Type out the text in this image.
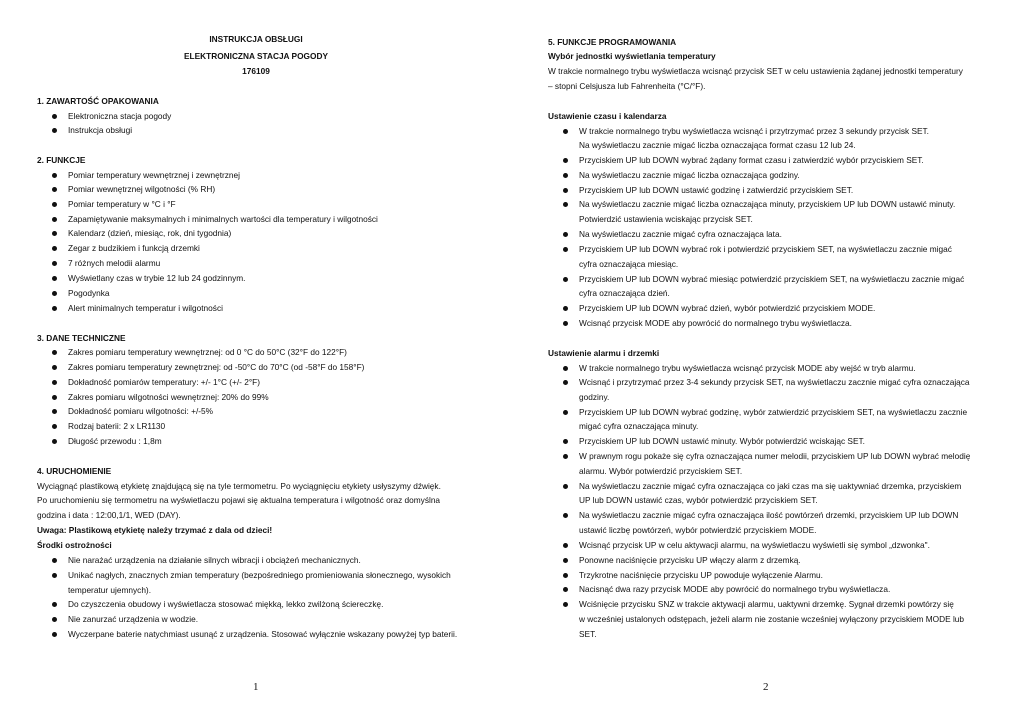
INSTRUKCJA OBSŁUGI
ELEKTRONICZNA STACJA POGODY
176109
1. ZAWARTOŚĆ OPAKOWANIA
Elektroniczna stacja pogody
Instrukcja obsługi
2. FUNKCJE
Pomiar temperatury wewnętrznej i zewnętrznej
Pomiar wewnętrznej wilgotności (% RH)
Pomiar temperatury w °C i °F
Zapamiętywanie maksymalnych i minimalnych wartości dla temperatury i wilgotności
Kalendarz (dzień, miesiąc, rok, dni tygodnia)
Zegar z budzikiem i funkcją drzemki
7 różnych melodii alarmu
Wyświetlany czas w trybie 12 lub 24 godzinnym.
Pogodynka
Alert minimalnych temperatur i wilgotności
3. DANE TECHNICZNE
Zakres pomiaru temperatury wewnętrznej: od 0 °C do 50°C (32°F do 122°F)
Zakres pomiaru temperatury zewnętrznej: od -50°C do 70°C (od -58°F do 158°F)
Dokładność pomiarów temperatury: +/- 1°C (+/- 2°F)
Zakres pomiaru wilgotności wewnętrznej: 20% do 99%
Dokładność pomiaru wilgotności: +/-5%
Rodzaj baterii: 2 x LR1130
Długość przewodu : 1,8m
4. URUCHOMIENIE
Wyciągnąć plastikową etykietę znajdującą się na tyle termometru. Po wyciągnięciu etykiety usłyszymy dźwięk.
Po uruchomieniu się termometru na wyświetlaczu pojawi się aktualna temperatura i wilgotność oraz domyślna
godzina i data : 12:00,1/1, WED (DAY).
Uwaga: Plastikową etykietę należy trzymać z dala od dzieci!
Środki ostrożności
Nie narażać urządzenia na działanie silnych wibracji i obciążeń mechanicznych.
Unikać nagłych, znacznych zmian temperatury (bezpośredniego promieniowania słonecznego, wysokich
temperatur ujemnych).
Do czyszczenia obudowy i wyświetlacza stosować miękką, lekko zwilżoną ściereczkę.
Nie zanurzać urządzenia w wodzie.
Wyczerpane baterie natychmiast usunąć z urządzenia. Stosować wyłącznie wskazany powyżej typ baterii.
1
5. FUNKCJE PROGRAMOWANIA
Wybór jednostki wyświetlania temperatury
W trakcie normalnego trybu wyświetlacza wcisnąć przycisk SET w celu ustawienia żądanej jednostki temperatury
– stopni Celsjusza lub Fahrenheita (°C/°F).
Ustawienie czasu i kalendarza
W trakcie normalnego trybu wyświetlacza wcisnąć i przytrzymać przez 3 sekundy przycisk SET.
Na wyświetlaczu zacznie migać liczba oznaczająca format czasu 12 lub 24.
Przyciskiem UP lub DOWN wybrać żądany format czasu i zatwierdzić wybór przyciskiem SET.
Na wyświetlaczu zacznie migać liczba oznaczająca godziny.
Przyciskiem UP lub DOWN ustawić godzinę i zatwierdzić przyciskiem SET.
Na wyświetlaczu zacznie migać liczba oznaczająca minuty, przyciskiem UP lub DOWN ustawić minuty.
Potwierdzić ustawienia wciskając przycisk SET.
Na wyświetlaczu zacznie migać cyfra oznaczająca lata.
Przyciskiem UP lub DOWN wybrać rok i potwierdzić przyciskiem SET, na wyświetlaczu zacznie migać
cyfra oznaczająca miesiąc.
Przyciskiem UP lub DOWN wybrać miesiąc potwierdzić przyciskiem SET, na wyświetlaczu zacznie migać
cyfra oznaczająca dzień.
Przyciskiem UP lub DOWN wybrać dzień, wybór potwierdzić przyciskiem MODE.
Wcisnąć przycisk MODE aby powrócić do normalnego trybu wyświetlacza.
Ustawienie alarmu i drzemki
W trakcie normalnego trybu wyświetlacza wcisnąć przycisk MODE aby wejść w tryb alarmu.
Wcisnąć i przytrzymać przez 3-4 sekundy przycisk SET, na wyświetlaczu zacznie migać cyfra oznaczająca
godziny.
Przyciskiem UP lub DOWN wybrać godzinę, wybór zatwierdzić przyciskiem SET, na wyświetlaczu zacznie
migać cyfra oznaczająca minuty.
Przyciskiem UP lub DOWN ustawić minuty. Wybór potwierdzić wciskając SET.
W prawnym rogu pokaże się cyfra oznaczająca numer melodii, przyciskiem UP lub DOWN wybrać melodię
alarmu. Wybór potwierdzić przyciskiem SET.
Na wyświetlaczu zacznie migać cyfra oznaczająca co jaki czas ma się uaktywniać drzemka, przyciskiem
UP lub DOWN ustawić czas, wybór potwierdzić przyciskiem SET.
Na wyświetlaczu zacznie migać cyfra oznaczająca ilość powtórzeń drzemki, przyciskiem UP lub DOWN
ustawić liczbę powtórzeń, wybór potwierdzić przyciskiem MODE.
Wcisnąć przycisk UP w celu aktywacji alarmu, na wyświetlaczu wyświetli się symbol „dzwonka".
Ponowne naciśnięcie przycisku UP włączy alarm z drzemką.
Trzykrotne naciśnięcie przycisku UP powoduje wyłączenie Alarmu.
Nacisnąć dwa razy przycisk MODE aby powrócić do normalnego trybu wyświetlacza.
Wciśnięcie przycisku SNZ w trakcie aktywacji alarmu, uaktywni drzemkę. Sygnał drzemki powtórzy się
w wcześniej ustalonych odstępach, jeżeli alarm nie zostanie wcześniej wyłączony przyciskiem MODE lub
SET.
2
